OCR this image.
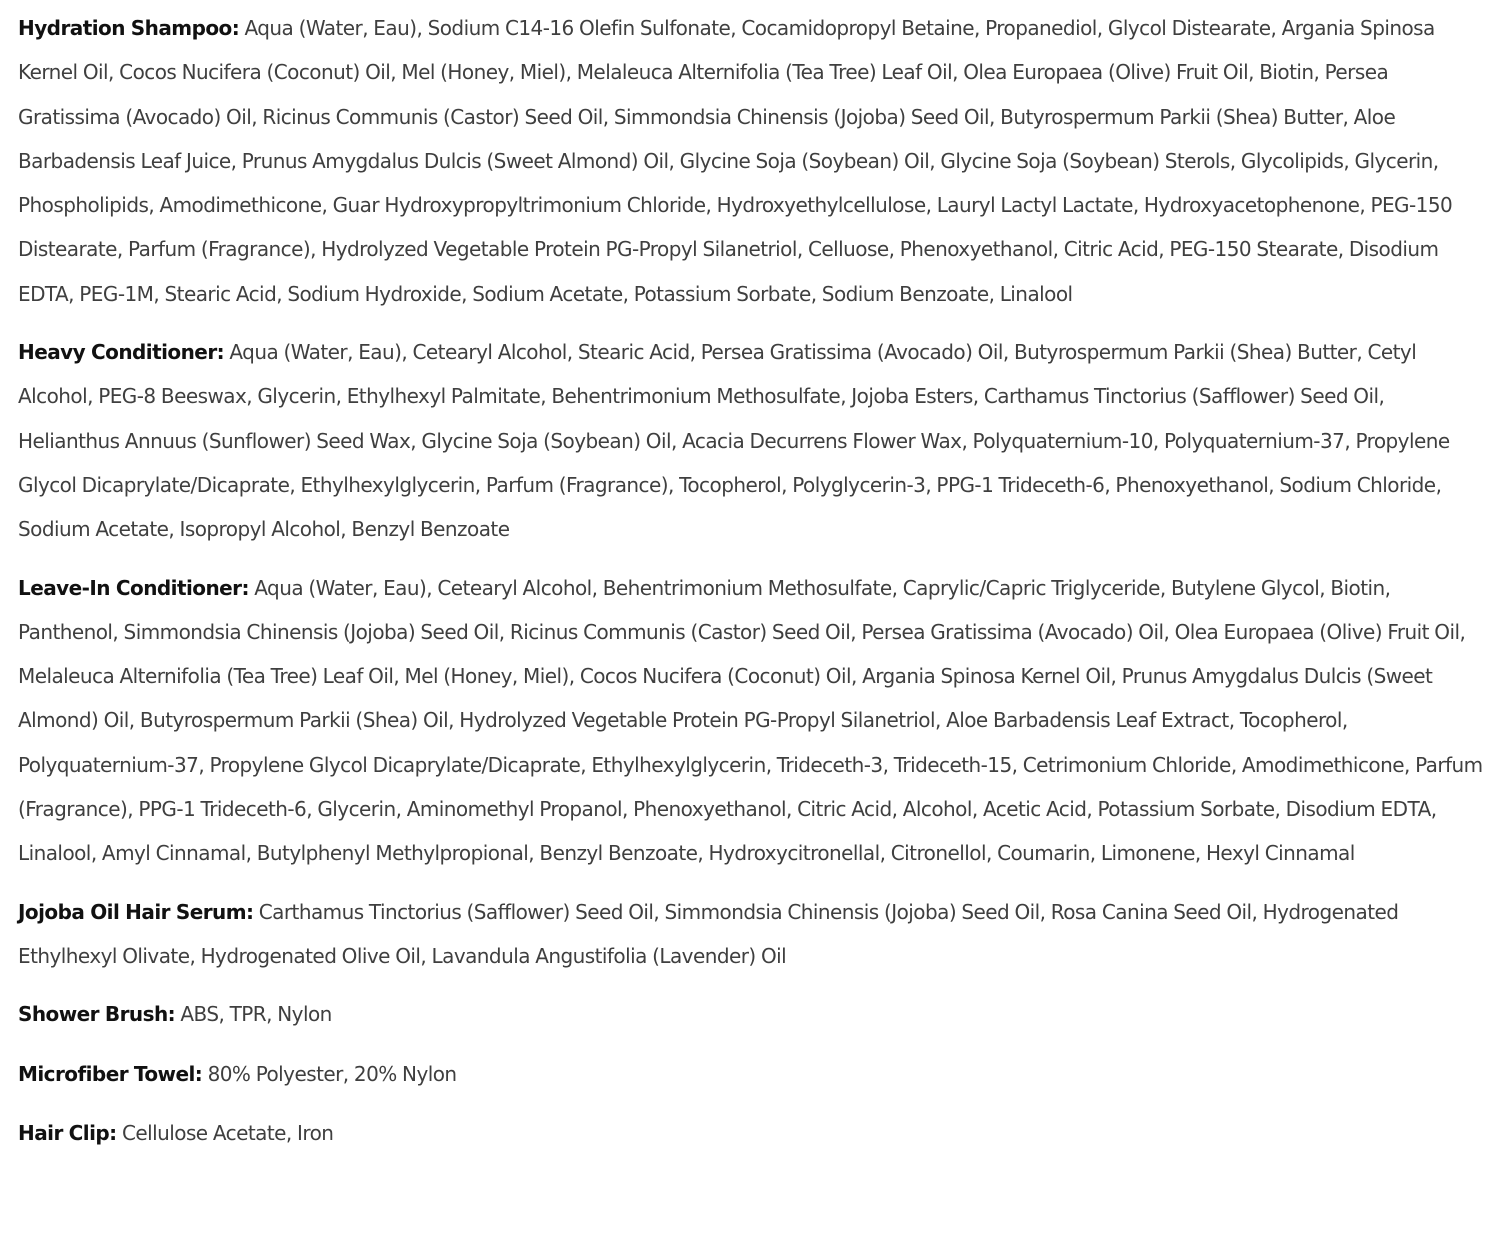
Hydration Shampoo: Aqua (Water, Eau), Sodium C14-16 Olefin Sulfonate, Cocamidopropyl Betaine, Propanediol, Glycol Distearate, Argania Spinosa Kernel Oil, Cocos Nucifera (Coconut) Oil, Mel (Honey, Miel), Melaleuca Alternifolia (Tea Tree) Leaf Oil, Olea Europaea (Olive) Fruit Oil, Biotin, Persea Gratissima (Avocado) Oil, Ricinus Communis (Castor) Seed Oil, Simmondsia Chinensis (Jojoba) Seed Oil, Butyrospermum Parkii (Shea) Butter, Aloe Barbadensis Leaf Juice, Prunus Amygdalus Dulcis (Sweet Almond) Oil, Glycine Soja (Soybean) Oil, Glycine Soja (Soybean) Sterols, Glycolipids, Glycerin, Phospholipids, Amodimethicone, Guar Hydroxypropyltrimonium Chloride, Hydroxyethylcellulose, Lauryl Lactyl Lactate, Hydroxyacetophenone, PEG-150 Distearate, Parfum (Fragrance), Hydrolyzed Vegetable Protein PG-Propyl Silanetriol, Celluose, Phenoxyethanol, Citric Acid, PEG-150 Stearate, Disodium EDTA, PEG-1M, Stearic Acid, Sodium Hydroxide, Sodium Acetate, Potassium Sorbate, Sodium Benzoate, Linalool

Heavy Conditioner: Aqua (Water, Eau), Cetearyl Alcohol, Stearic Acid, Persea Gratissima (Avocado) Oil, Butyrospermum Parkii (Shea) Butter, Cetyl Alcohol, PEG-8 Beeswax, Glycerin, Ethylhexyl Palmitate, Behentrimonium Methosulfate, Jojoba Esters, Carthamus Tinctorius (Safflower) Seed Oil, Helianthus Annuus (Sunflower) Seed Wax, Glycine Soja (Soybean) Oil, Acacia Decurrens Flower Wax, Polyquaternium-10, Polyquaternium-37, Propylene Glycol Dicaprylate/Dicaprate, Ethylhexylglycerin, Parfum (Fragrance), Tocopherol, Polyglycerin-3, PPG-1 Trideceth-6, Phenoxyethanol, Sodium Chloride, Sodium Acetate, Isopropyl Alcohol, Benzyl Benzoate

Leave-In Conditioner: Aqua (Water, Eau), Cetearyl Alcohol, Behentrimonium Methosulfate, Caprylic/Capric Triglyceride, Butylene Glycol, Biotin, Panthenol, Simmondsia Chinensis (Jojoba) Seed Oil, Ricinus Communis (Castor) Seed Oil, Persea Gratissima (Avocado) Oil, Olea Europaea (Olive) Fruit Oil, Melaleuca Alternifolia (Tea Tree) Leaf Oil, Mel (Honey, Miel), Cocos Nucifera (Coconut) Oil, Argania Spinosa Kernel Oil, Prunus Amygdalus Dulcis (Sweet Almond) Oil, Butyrospermum Parkii (Shea) Oil, Hydrolyzed Vegetable Protein PG-Propyl Silanetriol, Aloe Barbadensis Leaf Extract, Tocopherol, Polyquaternium-37, Propylene Glycol Dicaprylate/Dicaprate, Ethylhexylglycerin, Trideceth-3, Trideceth-15, Cetrimonium Chloride, Amodimethicone, Parfum (Fragrance), PPG-1 Trideceth-6, Glycerin, Aminomethyl Propanol, Phenoxyethanol, Citric Acid, Alcohol, Acetic Acid, Potassium Sorbate, Disodium EDTA, Linalool, Amyl Cinnamal, Butylphenyl Methylpropional, Benzyl Benzoate, Hydroxycitronellal, Citronellol, Coumarin, Limonene, Hexyl Cinnamal

Jojoba Oil Hair Serum: Carthamus Tinctorius (Safflower) Seed Oil, Simmondsia Chinensis (Jojoba) Seed Oil, Rosa Canina Seed Oil, Hydrogenated Ethylhexyl Olivate, Hydrogenated Olive Oil, Lavandula Angustifolia (Lavender) Oil

Shower Brush: ABS, TPR, Nylon

Microfiber Towel: 80% Polyester, 20% Nylon

Hair Clip: Cellulose Acetate, Iron
